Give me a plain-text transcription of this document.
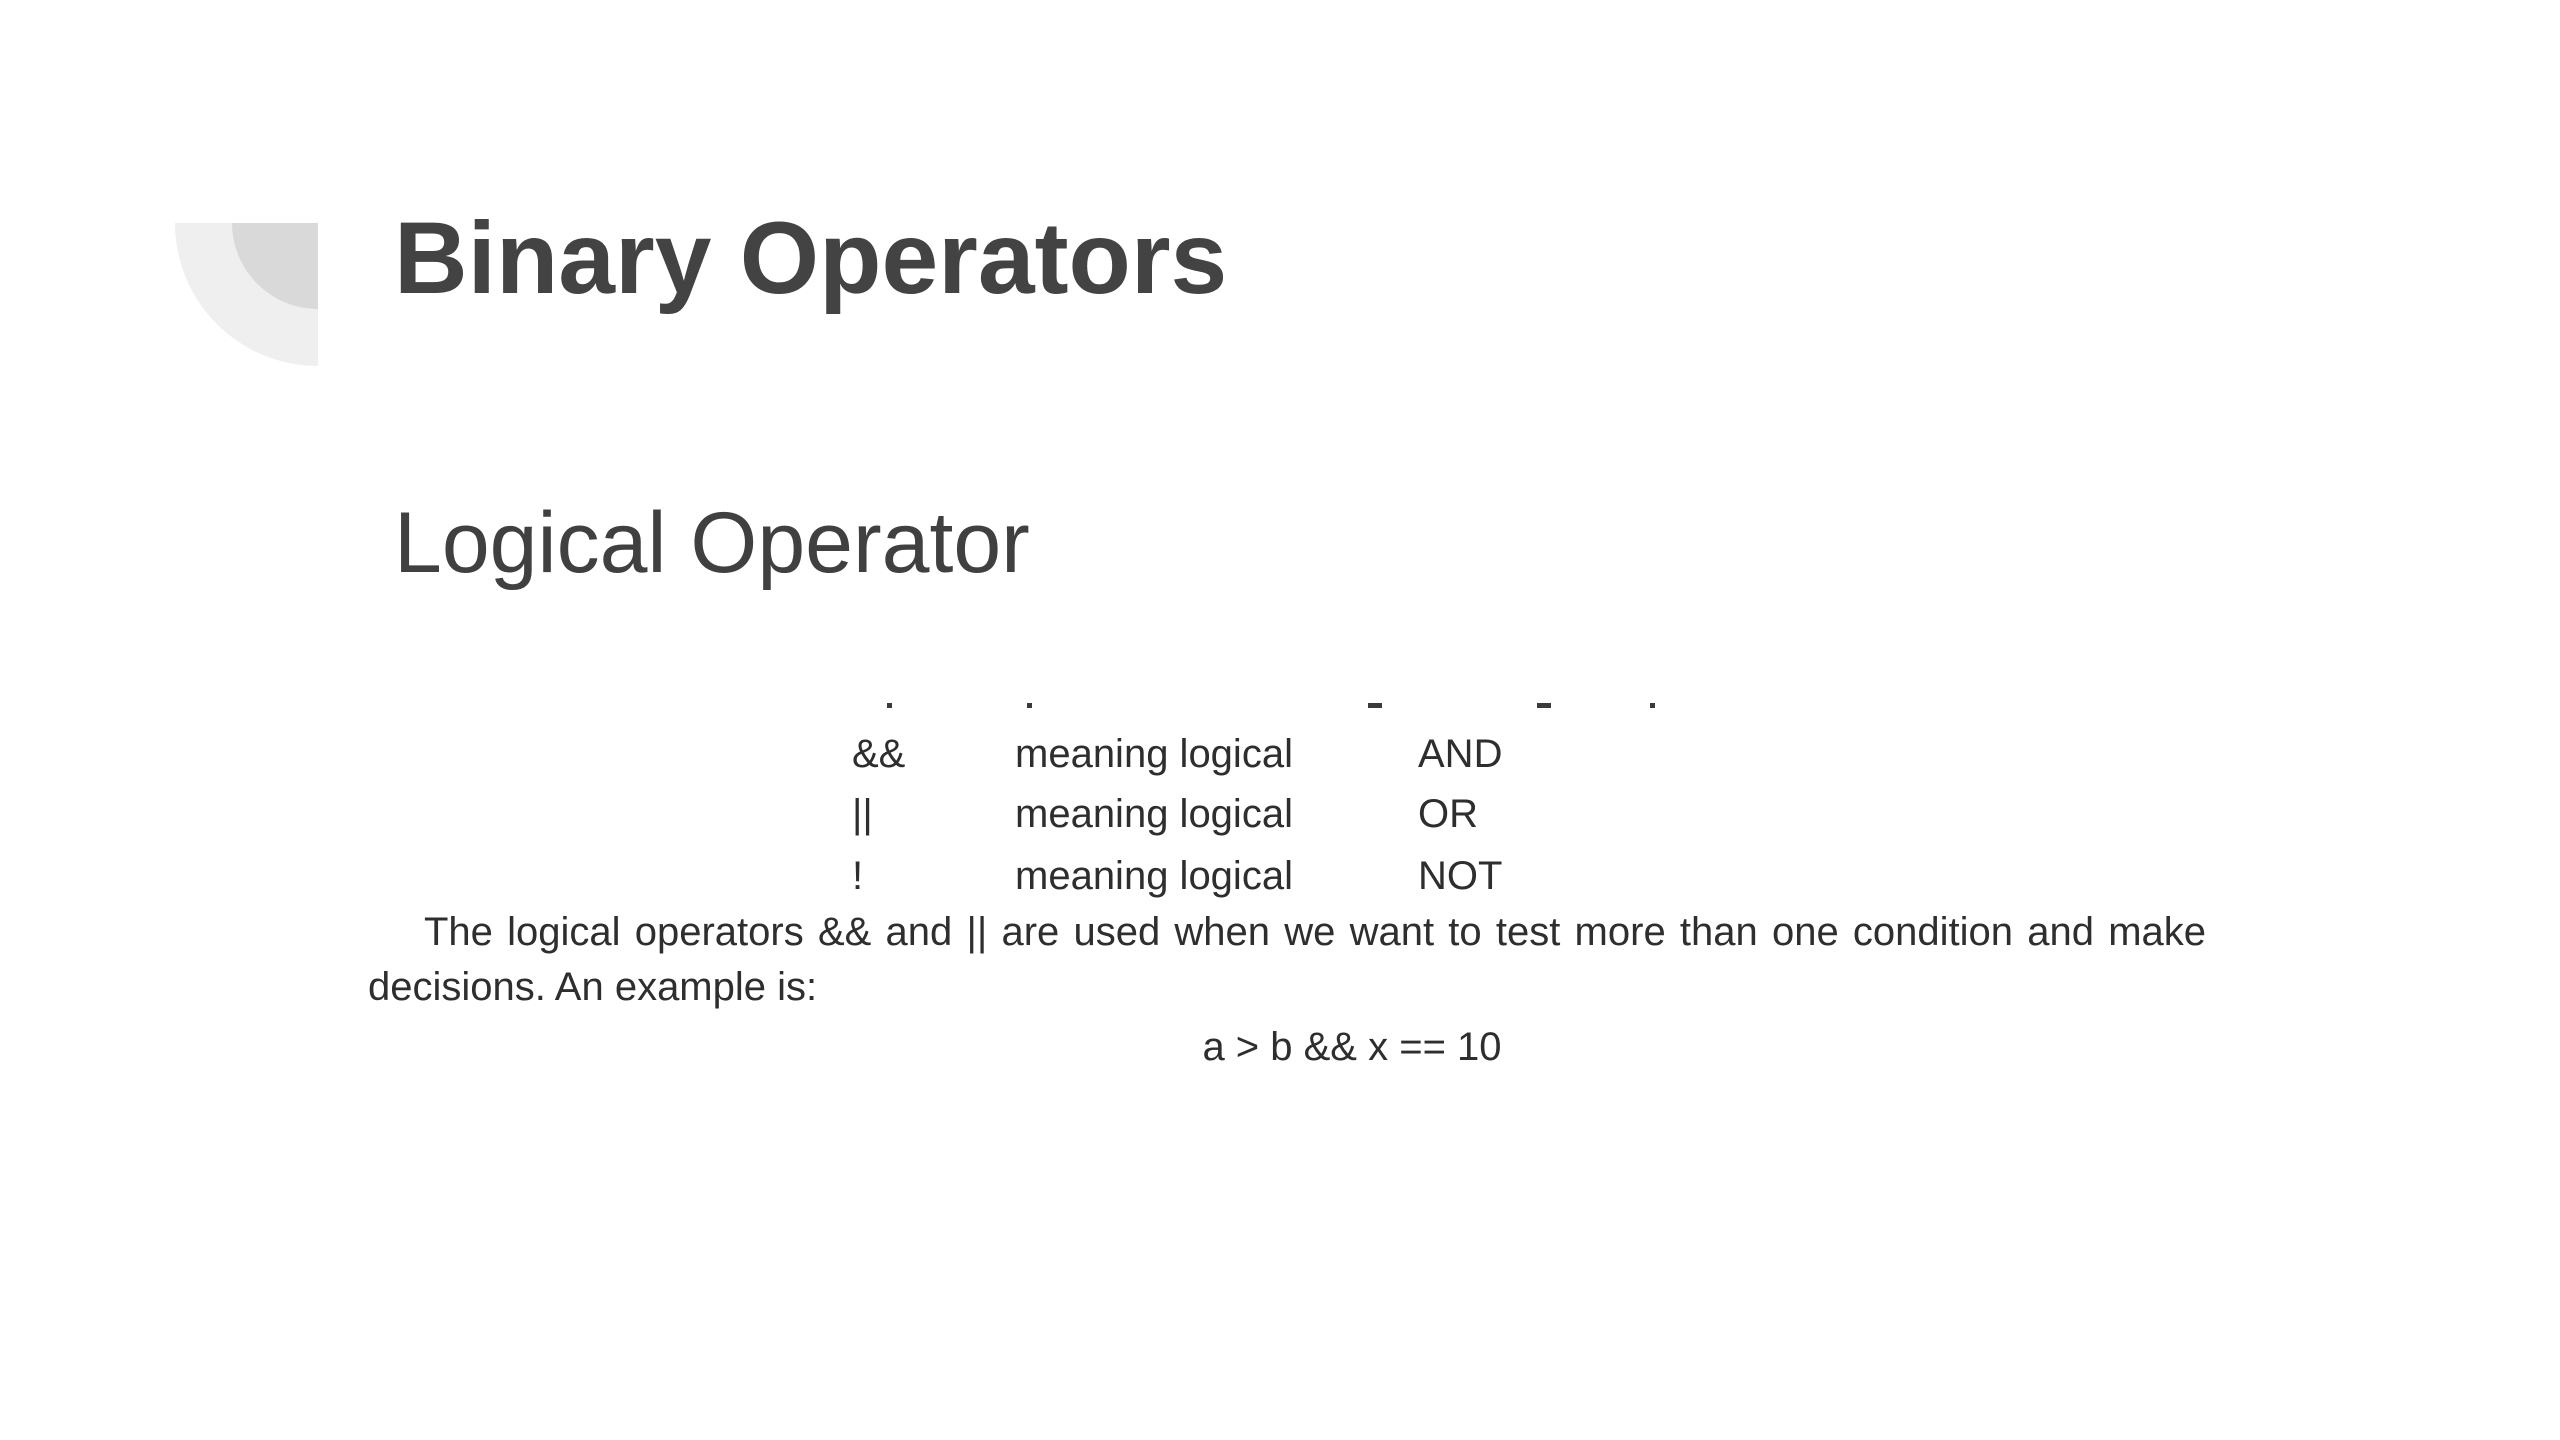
Binary Operators
Logical Operator
&&	meaning logical	AND
||	meaning logical	OR
!	meaning logical	NOT

The logical operators && and || are used when we want to test more than one condition and make decisions. An example is:

a > b && x == 10
